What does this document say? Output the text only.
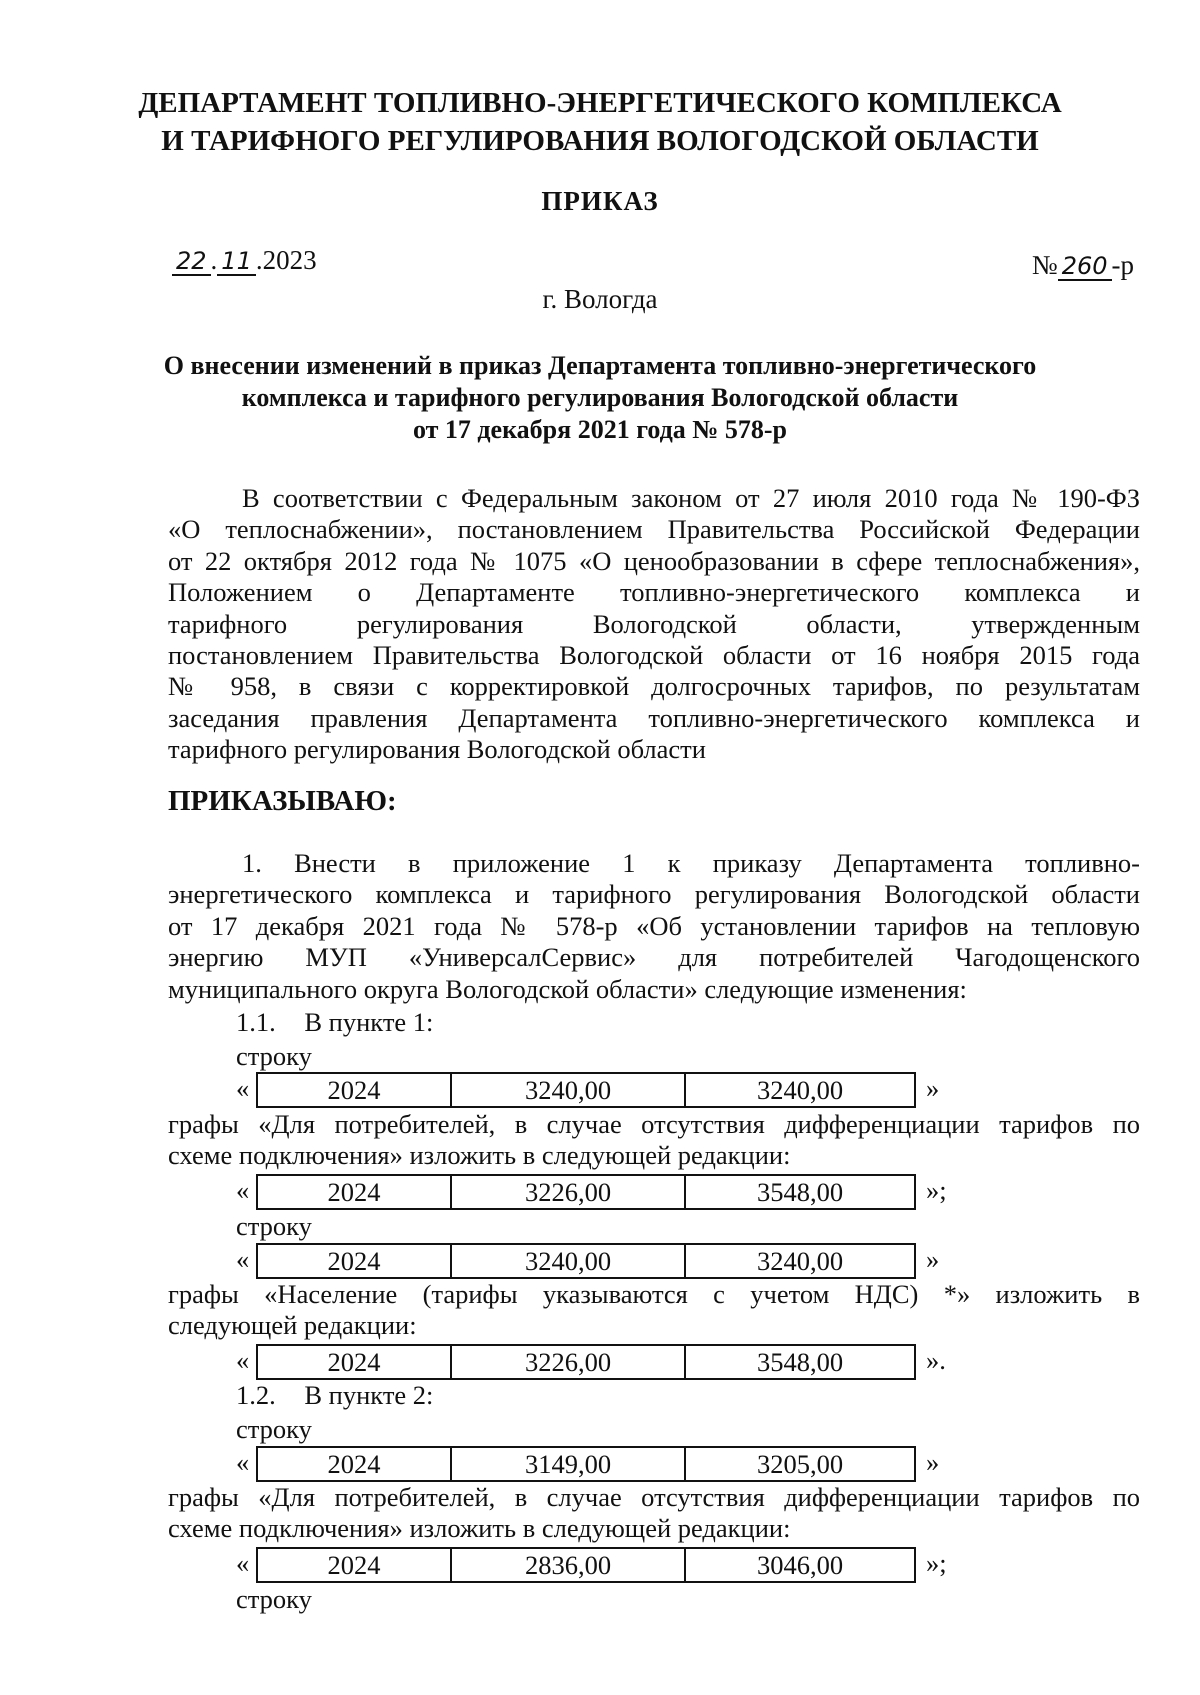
ДЕПАРТАМЕНТ ТОПЛИВНО-ЭНЕРГЕТИЧЕСКОГО КОМПЛЕКСА
И ТАРИФНОГО РЕГУЛИРОВАНИЯ ВОЛОГОДСКОЙ ОБЛАСТИ
ПРИКАЗ
22 . 11 .2023	№ 260 -р
г. Вологда
О внесении изменений в приказ Департамента топливно-энергетического
комплекса и тарифного регулирования Вологодской области
от 17 декабря 2021 года № 578-р
В соответствии с Федеральным законом от 27 июля 2010 года № 190-ФЗ
«О теплоснабжении», постановлением Правительства Российской Федерации
от 22 октября 2012 года № 1075 «О ценообразовании в сфере теплоснабжения»,
Положением о Департаменте топливно-энергетического комплекса и
тарифного регулирования Вологодской области, утвержденным
постановлением Правительства Вологодской области от 16 ноября 2015 года
№ 958, в связи с корректировкой долгосрочных тарифов, по результатам
заседания правления Департамента топливно-энергетического комплекса и
тарифного регулирования Вологодской области
ПРИКАЗЫВАЮ:
1. Внести в приложение 1 к приказу Департамента топливно-
энергетического комплекса и тарифного регулирования Вологодской области
от 17 декабря 2021 года № 578-р «Об установлении тарифов на тепловую
энергию МУП «УниверсалСервис» для потребителей Чагодощенского
муниципального округа Вологодской области» следующие изменения:
1.1. В пункте 1:
строку
«	2024	3240,00	3240,00	»
графы «Для потребителей, в случае отсутствия дифференциации тарифов по
схеме подключения» изложить в следующей редакции:
«	2024	3226,00	3548,00	»;
строку
«	2024	3240,00	3240,00	»
графы «Население (тарифы указываются с учетом НДС) *» изложить в
следующей редакции:
«	2024	3226,00	3548,00	».
1.2. В пункте 2:
строку
«	2024	3149,00	3205,00	»
графы «Для потребителей, в случае отсутствия дифференциации тарифов по
схеме подключения» изложить в следующей редакции:
«	2024	2836,00	3046,00	»;
строку
